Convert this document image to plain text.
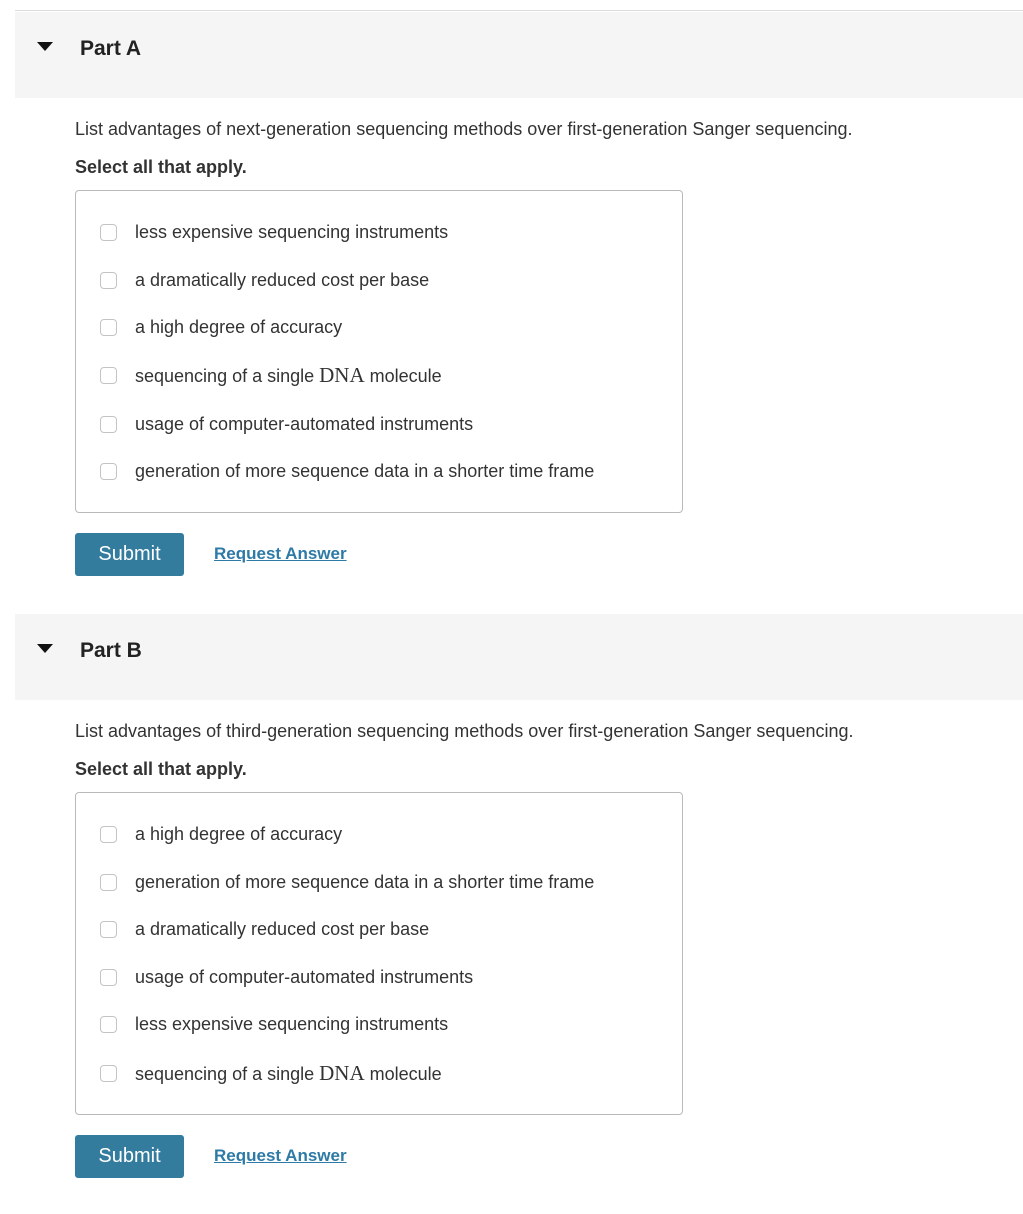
Part A
List advantages of next-generation sequencing methods over first-generation Sanger sequencing.
Select all that apply.
less expensive sequencing instruments
a dramatically reduced cost per base
a high degree of accuracy
sequencing of a single DNA molecule
usage of computer-automated instruments
generation of more sequence data in a shorter time frame
Submit	Request Answer
Part B
List advantages of third-generation sequencing methods over first-generation Sanger sequencing.
Select all that apply.
a high degree of accuracy
generation of more sequence data in a shorter time frame
a dramatically reduced cost per base
usage of computer-automated instruments
less expensive sequencing instruments
sequencing of a single DNA molecule
Submit	Request Answer
